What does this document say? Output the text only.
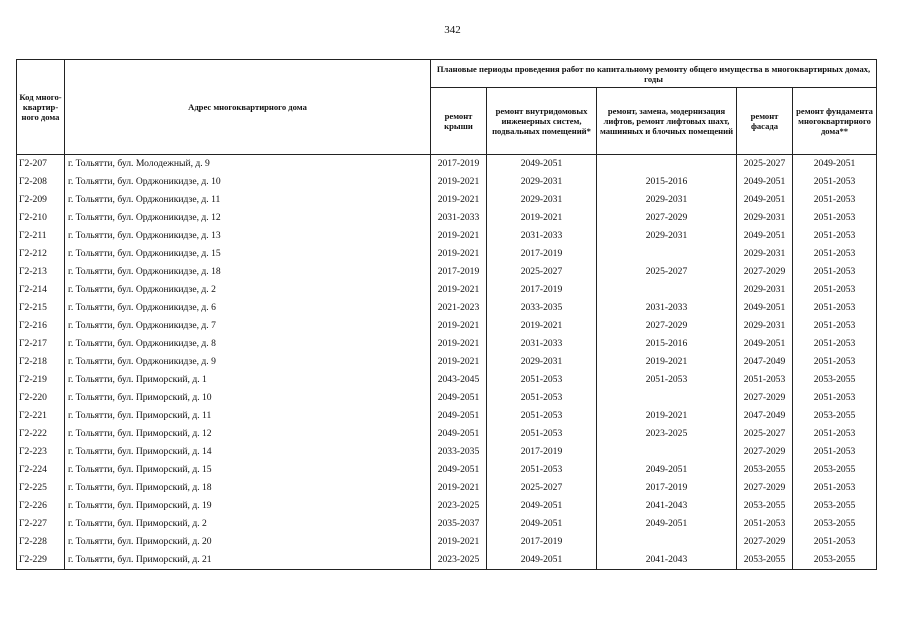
342
Код много-квартир-ного дома	Адрес многоквартирного дома	Плановые периоды проведения работ по капитальному ремонту общего имущества в многоквартирных домах, годы				
		ремонт крыши	ремонт внутридомовых инженерных систем, подвальных помещений*	ремонт, замена, модернизация лифтов, ремонт лифтовых шахт, машинных и блочных помещений	ремонт фасада	ремонт фундамента многоквартирного дома**
Г2-207	г. Тольятти, бул. Молодежный, д. 9	2017-2019	2049-2051		2025-2027	2049-2051
Г2-208	г. Тольятти, бул. Орджоникидзе, д. 10	2019-2021	2029-2031	2015-2016	2049-2051	2051-2053
Г2-209	г. Тольятти, бул. Орджоникидзе, д. 11	2019-2021	2029-2031	2029-2031	2049-2051	2051-2053
Г2-210	г. Тольятти, бул. Орджоникидзе, д. 12	2031-2033	2019-2021	2027-2029	2029-2031	2051-2053
Г2-211	г. Тольятти, бул. Орджоникидзе, д. 13	2019-2021	2031-2033	2029-2031	2049-2051	2051-2053
Г2-212	г. Тольятти, бул. Орджоникидзе, д. 15	2019-2021	2017-2019		2029-2031	2051-2053
Г2-213	г. Тольятти, бул. Орджоникидзе, д. 18	2017-2019	2025-2027	2025-2027	2027-2029	2051-2053
Г2-214	г. Тольятти, бул. Орджоникидзе, д. 2	2019-2021	2017-2019		2029-2031	2051-2053
Г2-215	г. Тольятти, бул. Орджоникидзе, д. 6	2021-2023	2033-2035	2031-2033	2049-2051	2051-2053
Г2-216	г. Тольятти, бул. Орджоникидзе, д. 7	2019-2021	2019-2021	2027-2029	2029-2031	2051-2053
Г2-217	г. Тольятти, бул. Орджоникидзе, д. 8	2019-2021	2031-2033	2015-2016	2049-2051	2051-2053
Г2-218	г. Тольятти, бул. Орджоникидзе, д. 9	2019-2021	2029-2031	2019-2021	2047-2049	2051-2053
Г2-219	г. Тольятти, бул. Приморский, д. 1	2043-2045	2051-2053	2051-2053	2051-2053	2053-2055
Г2-220	г. Тольятти, бул. Приморский, д. 10	2049-2051	2051-2053		2027-2029	2051-2053
Г2-221	г. Тольятти, бул. Приморский, д. 11	2049-2051	2051-2053	2019-2021	2047-2049	2053-2055
Г2-222	г. Тольятти, бул. Приморский, д. 12	2049-2051	2051-2053	2023-2025	2025-2027	2051-2053
Г2-223	г. Тольятти, бул. Приморский, д. 14	2033-2035	2017-2019		2027-2029	2051-2053
Г2-224	г. Тольятти, бул. Приморский, д. 15	2049-2051	2051-2053	2049-2051	2053-2055	2053-2055
Г2-225	г. Тольятти, бул. Приморский, д. 18	2019-2021	2025-2027	2017-2019	2027-2029	2051-2053
Г2-226	г. Тольятти, бул. Приморский, д. 19	2023-2025	2049-2051	2041-2043	2053-2055	2053-2055
Г2-227	г. Тольятти, бул. Приморский, д. 2	2035-2037	2049-2051	2049-2051	2051-2053	2053-2055
Г2-228	г. Тольятти, бул. Приморский, д. 20	2019-2021	2017-2019		2027-2029	2051-2053
Г2-229	г. Тольятти, бул. Приморский, д. 21	2023-2025	2049-2051	2041-2043	2053-2055	2053-2055
